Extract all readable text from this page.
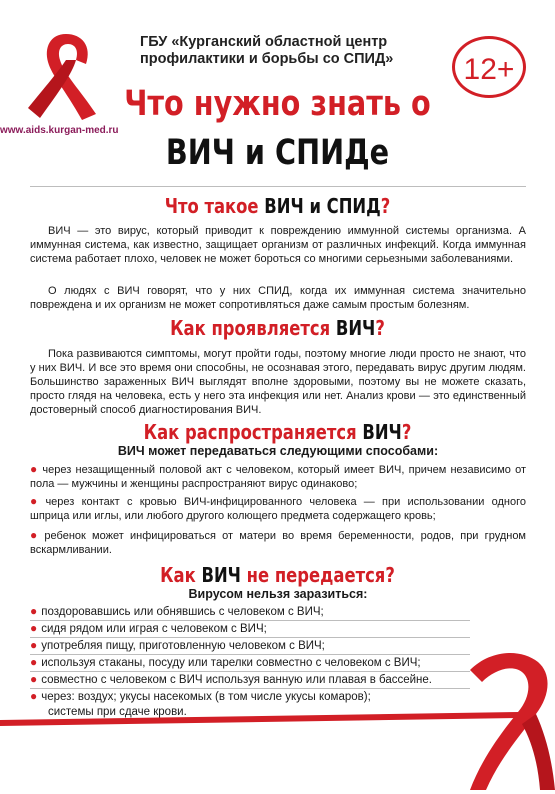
ГБУ «Курганский областной центр
профилактики и борьбы со СПИД»	12+
www.aids.kurgan-med.ru
Что нужно знать о
ВИЧ и СПИДе
Что такое ВИЧ и СПИД?
ВИЧ — это вирус, который приводит к повреждению иммунной системы организма. А иммунная система, как известно, защищает организм от различных инфекций. Когда иммунная система работает плохо, человек не может бороться со многими серьезными заболеваниями.
О людях с ВИЧ говорят, что у них СПИД, когда их иммунная система значительно повреждена и их организм не может сопротивляться даже самым простым болезням.
Как проявляется ВИЧ?
Пока развиваются симптомы, могут пройти годы, поэтому многие люди просто не знают, что у них ВИЧ. И все это время они способны, не осознавая этого, передавать вирус другим людям. Большинство зараженных ВИЧ выглядят вполне здоровыми, поэтому вы не можете сказать, просто глядя на человека, есть у него эта инфекция или нет. Анализ крови — это единственный достоверный способ диагностирования ВИЧ.
Как распространяется ВИЧ?
ВИЧ может передаваться следующими способами:
● через незащищенный половой акт с человеком, который имеет ВИЧ, причем независимо от пола — мужчины и женщины распространяют вирус одинаково;
● через контакт с кровью ВИЧ-инфицированного человека — при использовании одного шприца или иглы, или любого другого колющего предмета содержащего кровь;
● ребенок может инфицироваться от матери во время беременности, родов, при грудном вскармливании.
Как ВИЧ не передается?
Вирусом нельзя заразиться:
● поздоровавшись или обнявшись с человеком с ВИЧ;
● сидя рядом или играя с человеком с ВИЧ;
● употребляя пищу, приготовленную человеком с ВИЧ;
● используя стаканы, посуду или тарелки совместно с человеком с ВИЧ;
● совместно с человеком с ВИЧ используя ванную или плавая в бассейне.
● через: воздух; укусы насекомых (в том числе укусы комаров);
системы при сдаче крови.
